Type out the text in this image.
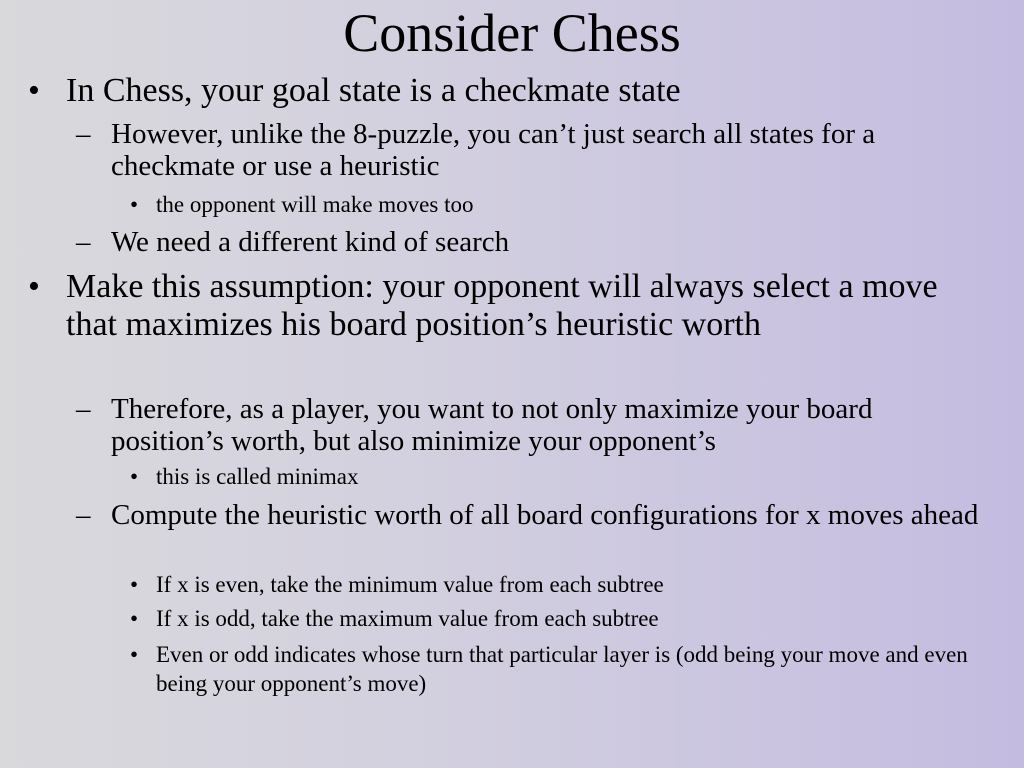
Consider Chess
• In Chess, your goal state is a checkmate state
– However, unlike the 8-puzzle, you can’t just search all states for a checkmate or use a heuristic
• the opponent will make moves too
– We need a different kind of search
• Make this assumption: your opponent will always select a move that maximizes his board position’s heuristic worth
– Therefore, as a player, you want to not only maximize your board position’s worth, but also minimize your opponent’s
• this is called minimax
– Compute the heuristic worth of all board configurations for x moves ahead
• If x is even, take the minimum value from each subtree
• If x is odd, take the maximum value from each subtree
• Even or odd indicates whose turn that particular layer is (odd being your move and even being your opponent’s move)
